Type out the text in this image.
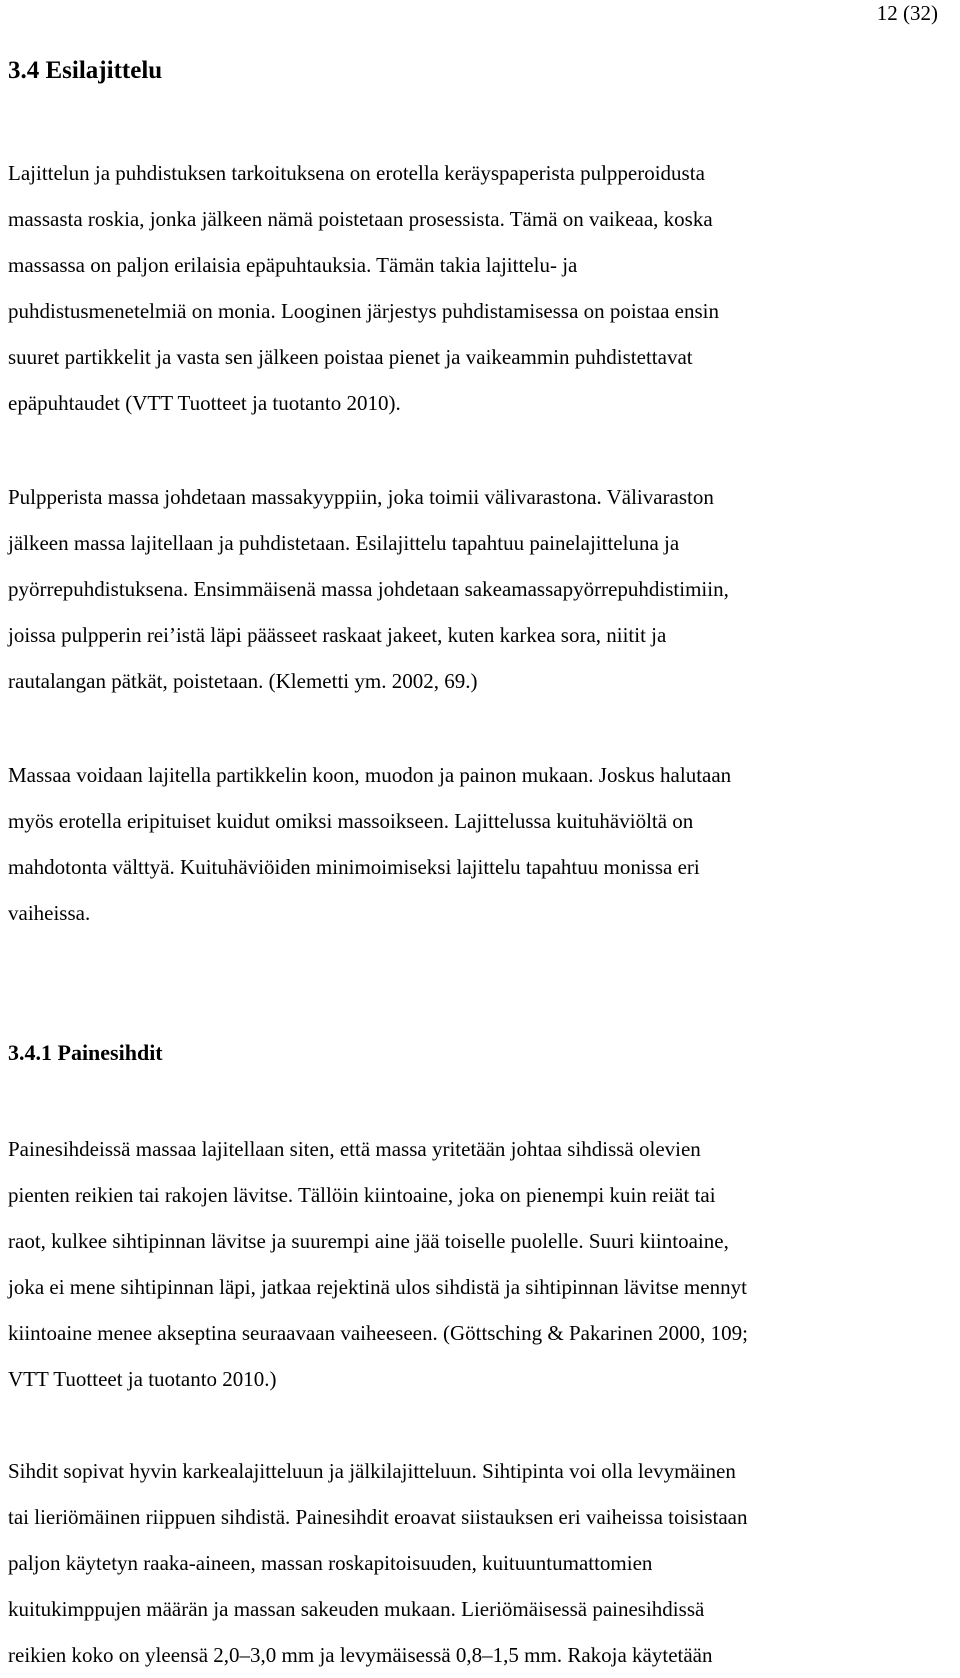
12 (32)
3.4 Esilajittelu

Lajittelun ja puhdistuksen tarkoituksena on erotella keräyspaperista pulpperoidusta
massasta roskia, jonka jälkeen nämä poistetaan prosessista. Tämä on vaikeaa, koska
massassa on paljon erilaisia epäpuhtauksia. Tämän takia lajittelu- ja
puhdistusmenetelmiä on monia. Looginen järjestys puhdistamisessa on poistaa ensin
suuret partikkelit ja vasta sen jälkeen poistaa pienet ja vaikeammin puhdistettavat
epäpuhtaudet (VTT Tuotteet ja tuotanto 2010).

Pulpperista massa johdetaan massakyyppiin, joka toimii välivarastona. Välivaraston
jälkeen massa lajitellaan ja puhdistetaan. Esilajittelu tapahtuu painelajitteluna ja
pyörrepuhdistuksena. Ensimmäisenä massa johdetaan sakeamassapyörrepuhdistimiin,
joissa pulpperin rei’istä läpi päässeet raskaat jakeet, kuten karkea sora, niitit ja
rautalangan pätkät, poistetaan. (Klemetti ym. 2002, 69.)

Massaa voidaan lajitella partikkelin koon, muodon ja painon mukaan. Joskus halutaan
myös erotella eripituiset kuidut omiksi massoikseen. Lajittelussa kuituhäviöltä on
mahdotonta välttyä. Kuituhäviöiden minimoimiseksi lajittelu tapahtuu monissa eri
vaiheissa.

3.4.1 Painesihdit

Painesihdeissä massaa lajitellaan siten, että massa yritetään johtaa sihdissä olevien
pienten reikien tai rakojen lävitse. Tällöin kiintoaine, joka on pienempi kuin reiät tai
raot, kulkee sihtipinnan lävitse ja suurempi aine jää toiselle puolelle. Suuri kiintoaine,
joka ei mene sihtipinnan läpi, jatkaa rejektinä ulos sihdistä ja sihtipinnan lävitse mennyt
kiintoaine menee akseptina seuraavaan vaiheeseen. (Göttsching & Pakarinen 2000, 109;
VTT Tuotteet ja tuotanto 2010.)

Sihdit sopivat hyvin karkealajitteluun ja jälkilajitteluun. Sihtipinta voi olla levymäinen
tai lieriömäinen riippuen sihdistä. Painesihdit eroavat siistauksen eri vaiheissa toisistaan
paljon käytetyn raaka-aineen, massan roskapitoisuuden, kuituuntumattomien
kuitukimppujen määrän ja massan sakeuden mukaan. Lieriömäisessä painesihdissä
reikien koko on yleensä 2,0–3,0 mm ja levymäisessä 0,8–1,5 mm. Rakoja käytetään
